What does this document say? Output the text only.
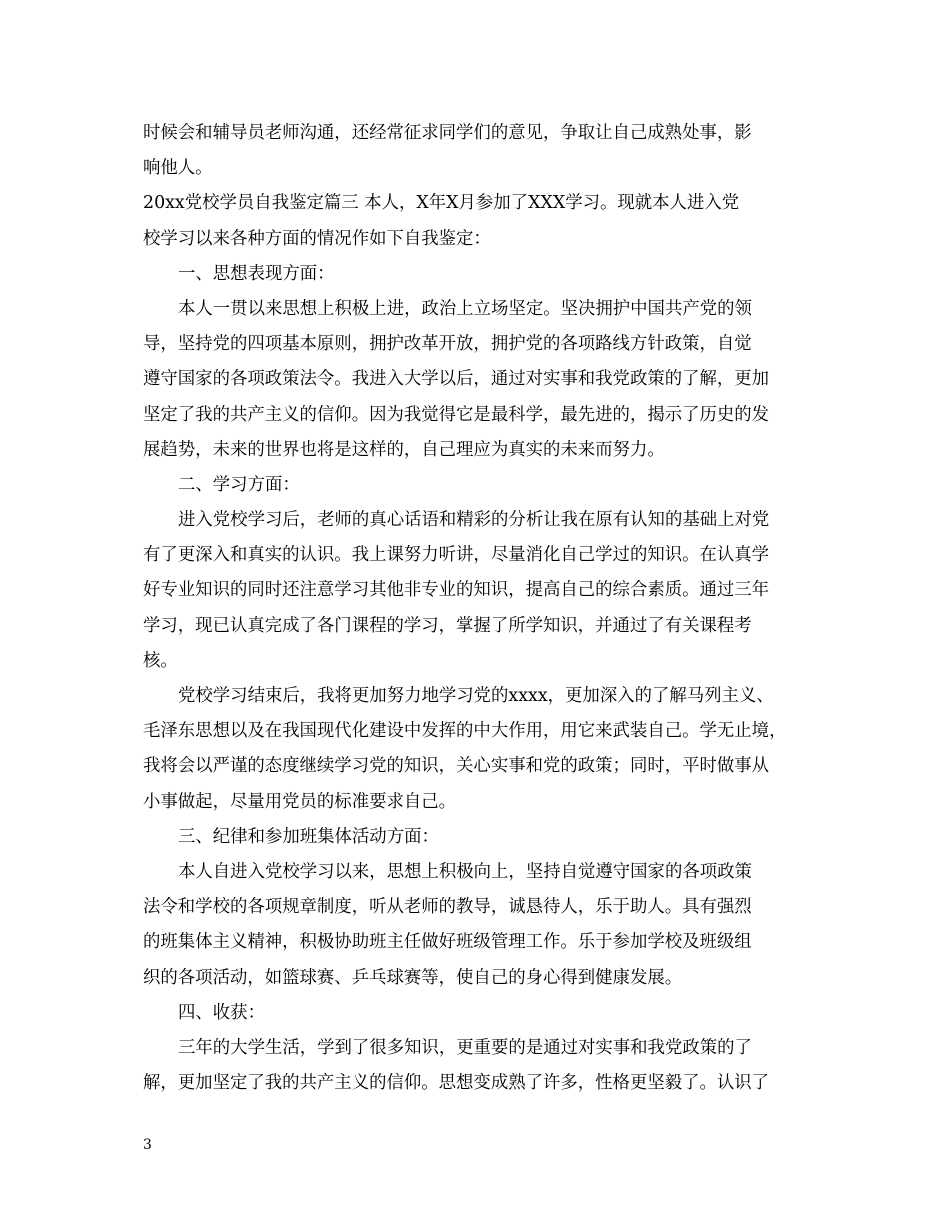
时候会和辅导员老师沟通，还经常征求同学们的意见，争取让自己成熟处事，影
响他人。
20xx党校学员自我鉴定篇三 本人，X年X月参加了XXX学习。现就本人进入党
校学习以来各种方面的情况作如下自我鉴定：
一、思想表现方面：
本人一贯以来思想上积极上进，政治上立场坚定。坚决拥护中国共产党的领
导，坚持党的四项基本原则，拥护改革开放，拥护党的各项路线方针政策，自觉
遵守国家的各项政策法令。我进入大学以后，通过对实事和我党政策的了解，更加
坚定了我的共产主义的信仰。因为我觉得它是最科学，最先进的，揭示了历史的发
展趋势，未来的世界也将是这样的，自己理应为真实的未来而努力。
二、学习方面：
进入党校学习后，老师的真心话语和精彩的分析让我在原有认知的基础上对党
有了更深入和真实的认识。我上课努力听讲，尽量消化自己学过的知识。在认真学
好专业知识的同时还注意学习其他非专业的知识，提高自己的综合素质。通过三年
学习，现已认真完成了各门课程的学习，掌握了所学知识，并通过了有关课程考
核。
党校学习结束后，我将更加努力地学习党的xxxx，更加深入的了解马列主义、
毛泽东思想以及在我国现代化建设中发挥的中大作用，用它来武装自己。学无止境，
我将会以严谨的态度继续学习党的知识，关心实事和党的政策；同时，平时做事从
小事做起，尽量用党员的标准要求自己。
三、纪律和参加班集体活动方面：
本人自进入党校学习以来，思想上积极向上，坚持自觉遵守国家的各项政策
法令和学校的各项规章制度，听从老师的教导，诚恳待人，乐于助人。具有强烈
的班集体主义精神，积极协助班主任做好班级管理工作。乐于参加学校及班级组
织的各项活动，如篮球赛、乒乓球赛等，使自己的身心得到健康发展。
四、收获：
三年的大学生活，学到了很多知识，更重要的是通过对实事和我党政策的了
解，更加坚定了我的共产主义的信仰。思想变成熟了许多，性格更坚毅了。认识了
3
